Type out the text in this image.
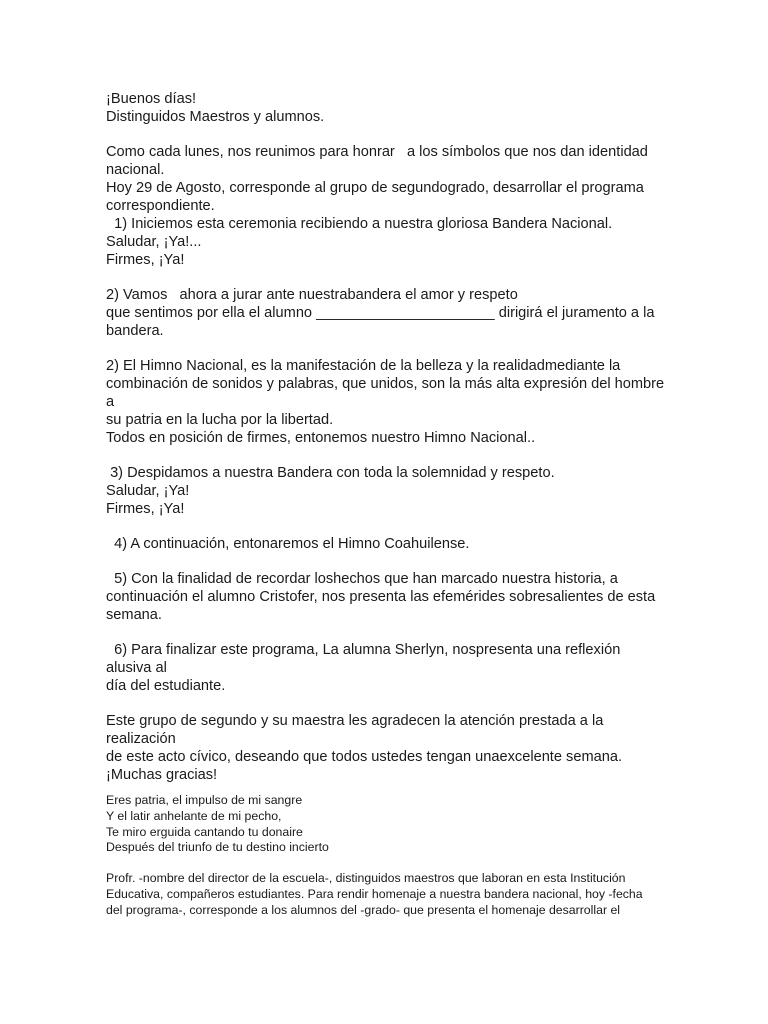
¡Buenos días!

Distinguidos Maestros y alumnos.

Como cada lunes, nos reunimos para honrar   a los símbolos que nos dan identidad

nacional.

Hoy 29 de Agosto, corresponde al grupo de segundogrado, desarrollar el programa

correspondiente.

1) Iniciemos esta ceremonia recibiendo a nuestra gloriosa Bandera Nacional.

Saludar, ¡Ya!...

Firmes, ¡Ya!

2) Vamos   ahora a jurar ante nuestrabandera el amor y respeto

que sentimos por ella el alumno ______________________ dirigirá el juramento a la

bandera.

2) El Himno Nacional, es la manifestación de la belleza y la realidadmediante la

combinación de sonidos y palabras, que unidos, son la más alta expresión del hombre a

su patria en la lucha por la libertad.

Todos en posición de firmes, entonemos nuestro Himno Nacional..

3) Despidamos a nuestra Bandera con toda la solemnidad y respeto.

Saludar, ¡Ya!

Firmes, ¡Ya!

4) A continuación, entonaremos el Himno Coahuilense.

5) Con la finalidad de recordar loshechos que han marcado nuestra historia, a

continuación el alumno Cristofer, nos presenta las efemérides sobresalientes de esta

semana.

6) Para finalizar este programa, La alumna Sherlyn, nospresenta una reflexión alusiva al

día del estudiante.

Este grupo de segundo y su maestra les agradecen la atención prestada a la realización

de este acto cívico, deseando que todos ustedes tengan unaexcelente semana.

¡Muchas gracias!

Eres patria, el impulso de mi sangre

Y el latir anhelante de mi pecho,

Te miro erguida cantando tu donaire

Después del triunfo de tu destino incierto

Profr. -nombre del director de la escuela-, distinguidos maestros que laboran en esta Institución

Educativa, compañeros estudiantes. Para rendir homenaje a nuestra bandera nacional, hoy -fecha

del programa-, corresponde a los alumnos del -grado- que presenta el homenaje desarrollar el
